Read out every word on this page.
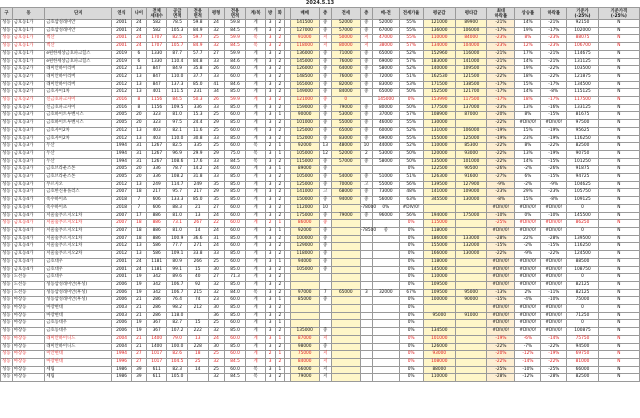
2024.5.13
구	동	단지	연식	나이	전체
세대수	공급
면적	전용
면적	평형	전용
면적	계/복	방	화		매매	층	전세	층	매-전	전세가율	평균갑	평타갑	최대
하락률	상승률	하락률	기준가
(-25%)	기준가격
(-25%)
성동	금호동1가	금호삼성래미안	2001	24	582	78.5	59.8	24	59.8	계	3	2		141500	중	52000	중	52000	55%	121000	89900	-21%	14%	-21%	92150	N
성동	금호동1가	금호삼성래미안	2001	24	582	105.3	84.9	32	84.5	계	3	2		127000	중	57000	중	67000	55%	136000	106000	-17%	19%	-17%	102000	N
성동	금호동1가	벽산	2001	24	1707	82.5	59.7	25	59.9	복	3	2		91000	저	50000	저	47000	55%	110000	84000	-23%	8%	-23%	88075	N
성동	금호동1가	벽산	2001	24	1707	105.7	84.9	32	84.5	복	3	2		118000	저	80000	저	38000	57%	134000	104000	-23%	12%	-23%	106700	N
성동	금호동1가	e편한세상금호파크힐스	2019	6	1330	87.7	57.7	27	59.9	계	3	2		136000	중	71000	중	65000	52%	152960	116000	-21%	17%	-21%	114675	N
성동	금호동1가	e편한세상금호파크힐스	2019	6	1330	110.4	84.8	33	84.6	계	3	2		145000	중	76000	중	69000	57%	183000	141000	-21%	14%	-21%	131125	N
성동	금호동2가	래미안하이리버	2012	13	847	84.9	35.8	26	60.0	계	3	2		126000	중	64000	중	58000	52%	140000	109500	-22%	19%	-22%	103500	N
성동	금호동2가	래미안하이리버	2012	13	847	110.0	37.7	33	60.0	계	3	2		148500	중	76000	중	72000	51%	162530	121500	-22%	18%	-22%	121875	N
성동	금호동2가	래미안하이리버	2012	13	847	137.3	85.0	41	84.6	계	3	2		165000	중	82000	중	83000	53%	171500	138500	-17%	15%	-17%	134500	N
성동	금호동2가	금호자이1차	2012	13	401	111.5	231	34	85.0	계	3	2		149000	중	84000	중	65000	50%	152500	121700	-17%	14%	-8%	115125	N
성동	금호동2가	신금호파크자이	2016	8	1156	84.5	50.3	26	59.9	계	3	2		121000	중	0		145000	0%	153990	117500	-17%	18%	-17%	117500	N
성동	금호동2가	신금호파크자이	2016	8	1156	109.5	336	33	85.0	계	3	2		159000	중	79000	중	80000	50%	177500	137000	-23%	13%	-16%	133125	N
성동	금호동3가	금호하이트투벤시스	2005	20	323	81.0	15.3	25	60.0	계	3	1		90000	중	53000	중	37000	57%	108900	87000	-20%	8%	-15%	81675	N
성동	금호동3가	금호하이트투벤시스	2005	20	323	97.5	24.4	29	85.0	계	3	2		101000	중	55000	중	46000	55%	130000		-22%	#DIV/0!	#DIV/0!	97500	N
성동	금호동3가	금호자이2차	2012	13	403	82.1	11.6	25	60.0	계	3	2		125000	중	65000	중	60000	52%	131000	106000	-19%	15%	-19%	95625	N
성동	금호동3가	금호자이2차	2012	13	403	110.0	30.8	33	85.0	계	3	2		152000	중	83000	중	69000	55%	155000	125000	-19%	23%	-19%	116250	N
성동	금호동3가	두산	1994	31	1267	82.5	335	25	60.0	복	2	1		92000	13	48000	10	44000	52%	110000	85300	-22%	8%	-22%	82500	N
성동	금호동3가	두산	1994	31	1267	96.9	29.9	29	75.0	복	3	1		105000	12	52000	2	53000	50%	120000	93000	-22%	13%	-19%	90750	N
성동	금호동3가	두산	1994	31	1267	108.6	17.6	33	84.5	복	3	2		115000	중	57000	중	58000	50%	135000	101000	-22%	14%	-15%	101250	N
성동	금호동3가	금호브라운스톤	2005	20	336	78.7	14.2	24	60.0	계	3	1		89000	중				0%	122500	90500	-26%	-2%	-26%	91875	N
성동	금호동3가	금호브라운스톤	2005	20	336	108.2	31.8	33	85.0	계	3	2		105000	중	54000	중	51000	51%	126300	91600	-27%	6%	-15%	94725	N
성동	금호동3가	푸르지오	2012	13	249	114.7	249	35	85.0	계	3	2		125000	중	70000	고	55000	56%	139500	127900	-9%	-2%	-9%	104625	N
성동	금호동3가	금호한신휴플러스	2007	18	217	95.7	217	29	85.0	계	3	2		141000	고	68000	중	73000	48%	141000	109000	-23%	29%	-23%	105750	N
성동	금호동4가	옥수하이츠	2018	7	606	133.3	85.0	35	85.0	계	3	2		150000	중	94000	중	56000	63%	345500	130000	-8%	15%	-8%	109125	N
성동	금호동4가	옥수하이츠	2018	7	606	88.3	21	27	60.0	계	3	2		112000	10		-78000	0%	#DIV/0!			#DIV/0!	#DIV/0!	#DIV/0!	0	N
성동	금호동4가	서울숲푸르지오1차	2007	17	886	81.0	13	24	60.0	계	3	2		175000	중	79000	중	96000	56%	194000	175000	-10%	0%	-10%	145500	N
성동	금호동4가	서울숲푸르지오1차	2007	18	886	73.1	267	22	60.0	계	2	1		86000	중				0%	115000		-25%	#DIV/0!	#DIV/0!	86250	N
성동	금호동4가	서울숲푸르지오1차	2007	18	886	81.0	14	24	60.0	계	3	1		92000	중		-78500	중	0%	118000		#DIV/0!	#DIV/0!	#DIV/0!	0	N
성동	금호동4가	서울숲푸르지오1차	2007	18	886	100.9	36.6	31	85.0	계	3	2		100000	중				0%	186000	133000	-28%	22%	-28%	139500	N
성동	금호동4가	서울숲푸르지오1차	2012	13	586	77.7	271	24	60.0	계	3	2		129000	중				0%	155000	132000	-15%	-2%	-15%	116250	N
성동	금호동4가	서울숲푸르지오2차	2012	13	586	109.1	33.8	33	85.0	계	3	2		118000	중				0%	166000	130000	-22%	-9%	-22%	124500	N
성동	금호동4가	금호대우	2001	24	1181	80.9	266	25	60.0	계	3	1		94000	중				0%	118000		#DIV/0!	#DIV/0!	#DIV/0!	88500	N
성동	금호동4가	금호대우	2001	24	1181	99.1	15	30	85.0	계	3	2		105000	중				0%	145000		#DIV/0!	#DIV/0!	#DIV/0!	108750	N
성동	도선동	금호대우	2001	19	342	89.6	40	27	71.3	계	3	2							0%	110000		#DIV/0!	#DIV/0!	#DIV/0!	0	N
성동	도선동	성동삼성래미안(후성)	2006	19	342	106.7	92	32	85.0	계	3	2							0%	109500		#DIV/0!	#DIV/0!	#DIV/0!	82125	N
성동	도선동	성동삼성래미안(후성)	2006	19	342	106.7	215	32	84.0	복	3	2		97000	7	65000	3	32000	67%	109500	95000	-13%	2%	-11%	82125	N
성동	마장동	성동삼성래미안(후성)	2006	21	286	76.4	74	23	60.0	계	3	1		85000	중				0%	100000	90000	-15%	-4%	-10%	75000	N
성동	마장동	마장현대	2003	21	286	98.2	212	30	85.0	계	3	2							0%			#DIV/0!	#DIV/0!	#DIV/0!	0	N
성동	마장동	마장현대	2003	21	286	118.0		36	85.0	계	3	2							0%	95000	91000	#DIV/0!	#DIV/0!	#DIV/0!	71250	N
성동	마장동	금호동대우	2006	19	367	82.7	15	25	60.0	계	3	1							0%			#DIV/0!	#DIV/0!	#DIV/0!	0	N
성동	마장동	금호동대우	2006	19	367	107.2	222	32	85.0	계	3	2		135000	중				0%	134500		#DIV/0!	#DIV/0!	#DIV/0!	100875	N
성동	마장동	래미안하이니드	2004	21	1400	79.0	13	24	60.0	계	3	1		87000	저				0%	101000		-19%	-6%	-14%	75750	N
성동	마장동	래미안하이니드	2004	21	1400	100.0	228	30	85.0	계	3	2		98000	중				0%	126000		-22%	-7%	-22%	94500	N
성동	마장동	이안현대	1994	27	1017	82.6	18	25	60.0	계	2	1		75000	저				0%	93000		-20%	-12%	-19%	69750	N
성동	마장동	마장현대	1996	27	1017	104.5	25	32	84.5	계	3	2		84000	저				0%	108000		-22%	-14%	-22%	81000	N
성동	마장동	세림	1986	39	611	82.3	14	25	60.0	복	3	1		66000	저				0%	88000		-25%	-10%	-25%	66000	N
성동	마장동	세림	1986	39	611	105.0		32	84.5	복	3	2		79000	저				0%	110000		-28%	-12%	-28%	82500	N
